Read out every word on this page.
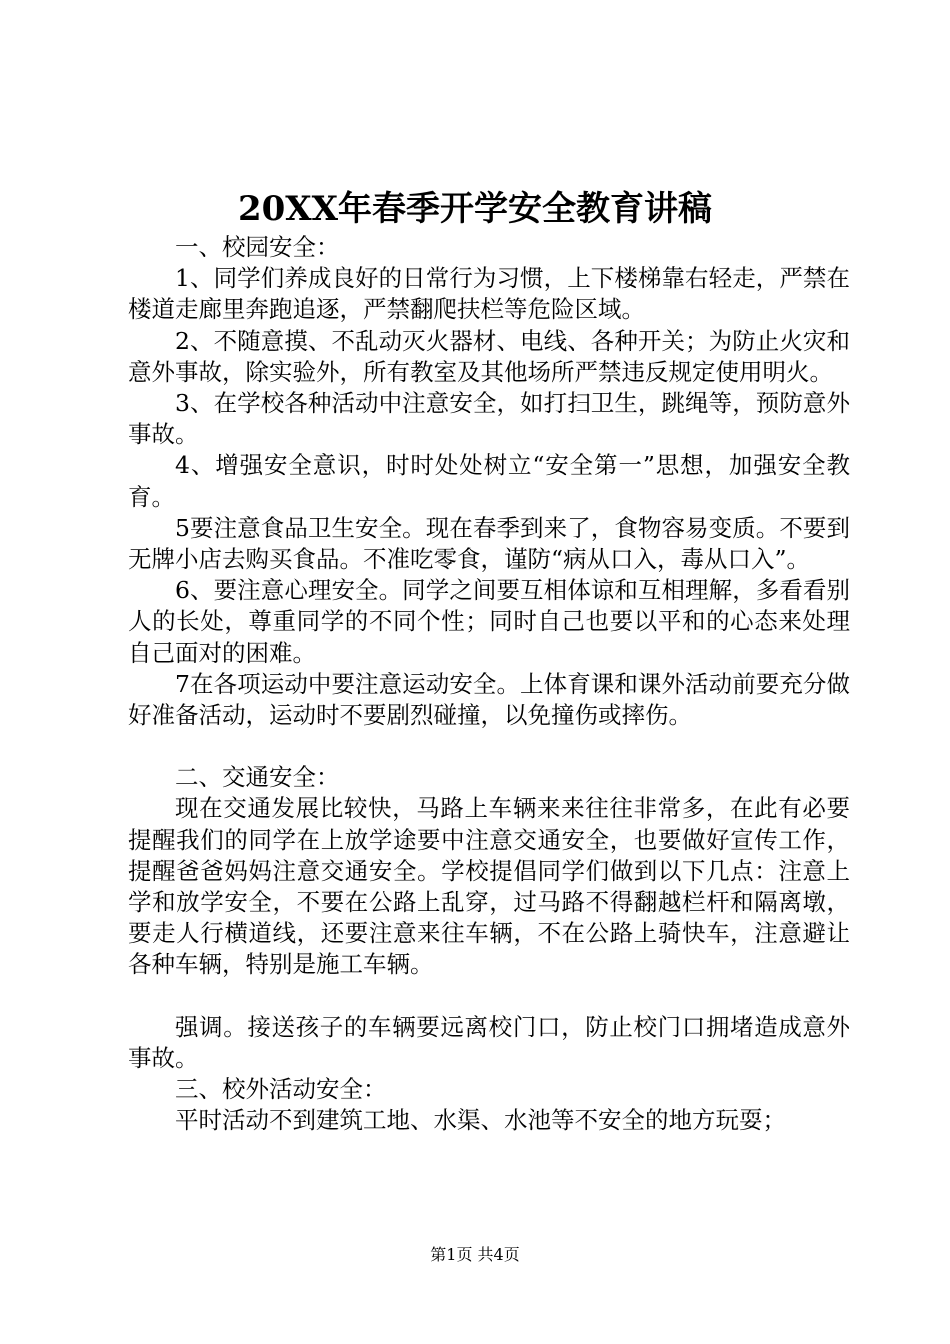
20XX年春季开学安全教育讲稿

一、校园安全：

1、同学们养成良好的日常行为习惯，上下楼梯靠右轻走，严禁在楼道走廊里奔跑追逐，严禁翻爬扶栏等危险区域。

2、不随意摸、不乱动灭火器材、电线、各种开关；为防止火灾和意外事故，除实验外，所有教室及其他场所严禁违反规定使用明火。

3、在学校各种活动中注意安全，如打扫卫生，跳绳等，预防意外事故。

4、增强安全意识，时时处处树立“安全第一”思想，加强安全教育。

5要注意食品卫生安全。现在春季到来了，食物容易变质。不要到无牌小店去购买食品。不准吃零食，谨防“病从口入，毒从口入”。

6、要注意心理安全。同学之间要互相体谅和互相理解，多看看别人的长处，尊重同学的不同个性；同时自己也要以平和的心态来处理自己面对的困难。

7在各项运动中要注意运动安全。上体育课和课外活动前要充分做好准备活动，运动时不要剧烈碰撞，以免撞伤或摔伤。

二、交通安全：

现在交通发展比较快，马路上车辆来来往往非常多，在此有必要提醒我们的同学在上放学途要中注意交通安全，也要做好宣传工作，提醒爸爸妈妈注意交通安全。学校提倡同学们做到以下几点：注意上学和放学安全，不要在公路上乱穿，过马路不得翻越栏杆和隔离墩，要走人行横道线，还要注意来往车辆，不在公路上骑快车，注意避让各种车辆，特别是施工车辆。

强调。接送孩子的车辆要远离校门口，防止校门口拥堵造成意外事故。

三、校外活动安全：

平时活动不到建筑工地、水渠、水池等不安全的地方玩耍；

第1页 共4页
